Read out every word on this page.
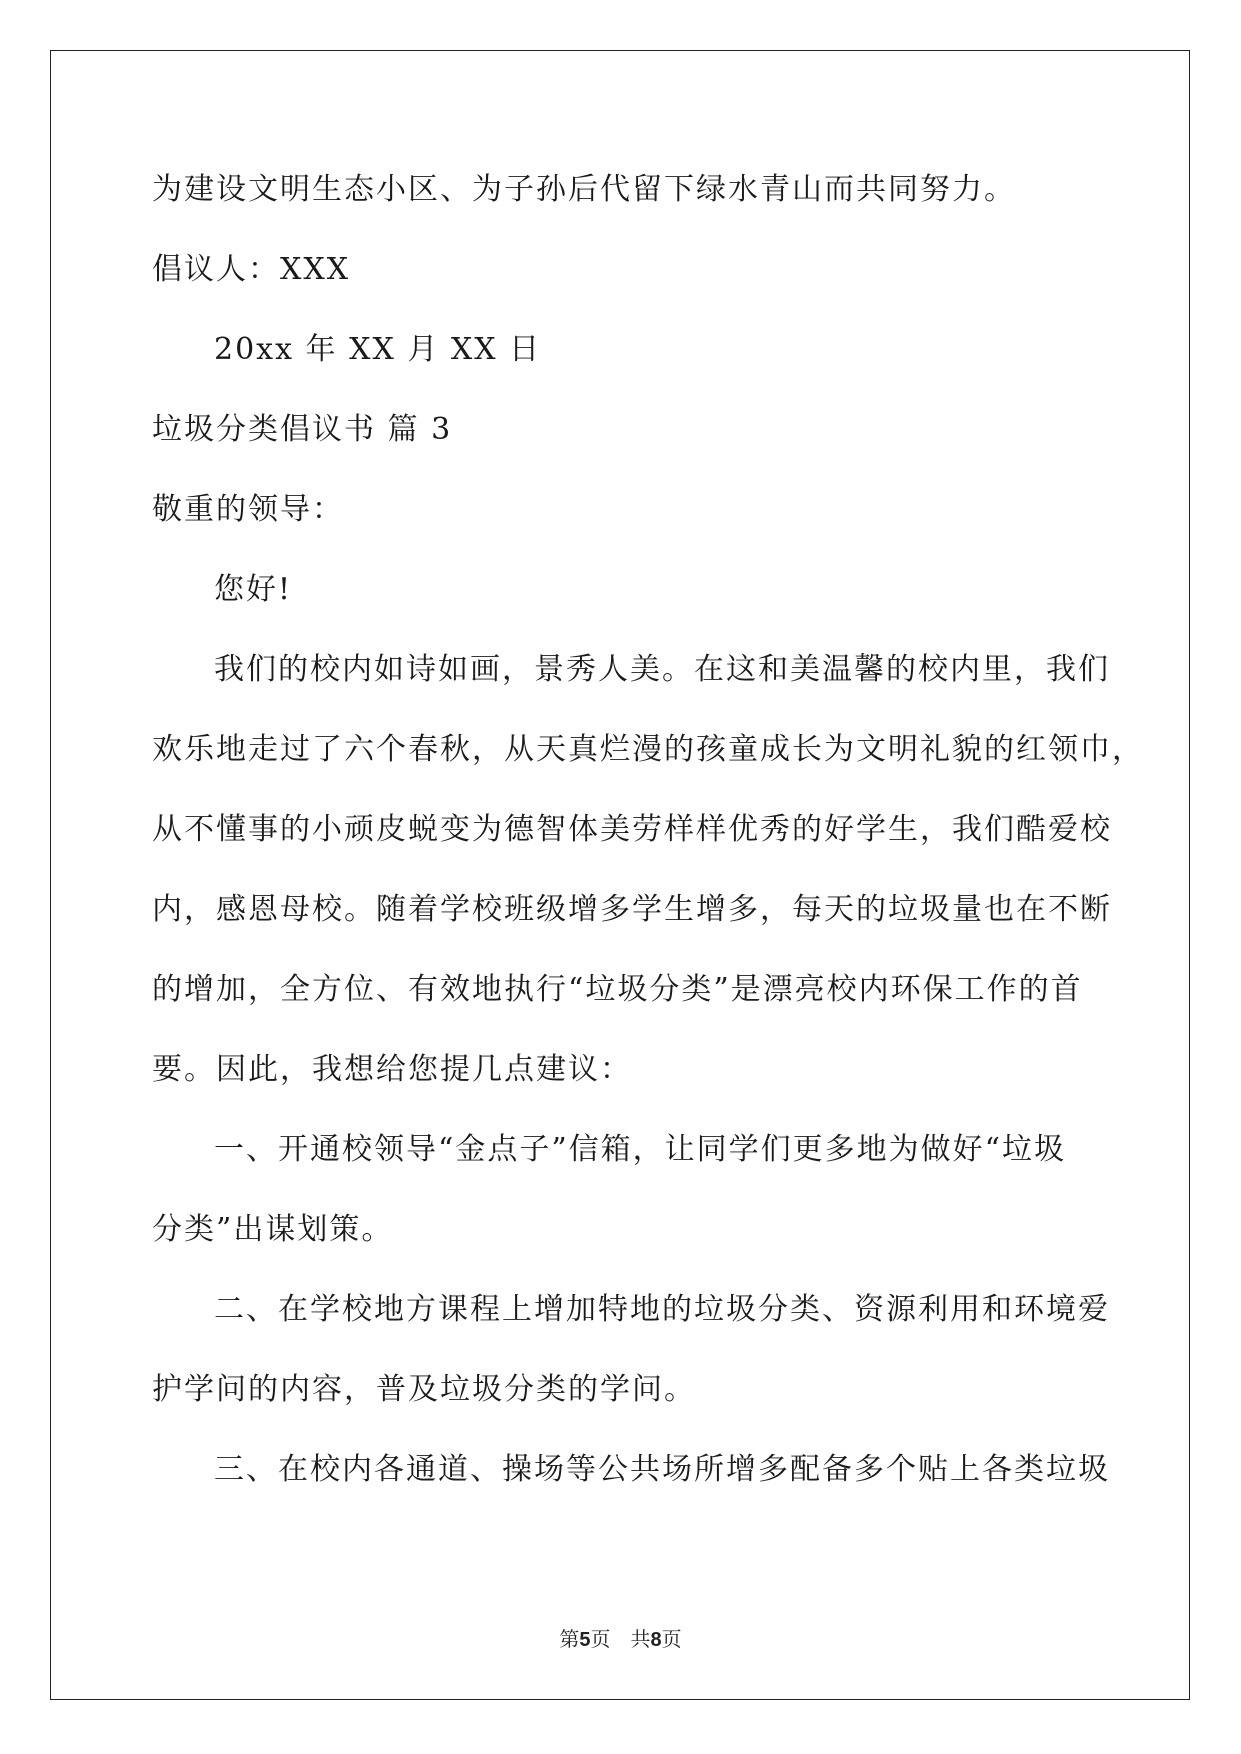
为建设文明生态小区、为子孙后代留下绿水青山而共同努力。
倡议人：XXX
20xx 年 XX 月 XX 日
垃圾分类倡议书 篇 3
敬重的领导：
您好!
我们的校内如诗如画，景秀人美。在这和美温馨的校内里，我们
欢乐地走过了六个春秋，从天真烂漫的孩童成长为文明礼貌的红领巾，
从不懂事的小顽皮蜕变为德智体美劳样样优秀的好学生，我们酷爱校
内，感恩母校。随着学校班级增多学生增多，每天的垃圾量也在不断
的增加，全方位、有效地执行“垃圾分类”是漂亮校内环保工作的首
要。因此，我想给您提几点建议：
一、开通校领导“金点子”信箱，让同学们更多地为做好“垃圾
分类”出谋划策。
二、在学校地方课程上增加特地的垃圾分类、资源利用和环境爱
护学问的内容，普及垃圾分类的学问。
三、在校内各通道、操场等公共场所增多配备多个贴上各类垃圾
第5页　共8页
